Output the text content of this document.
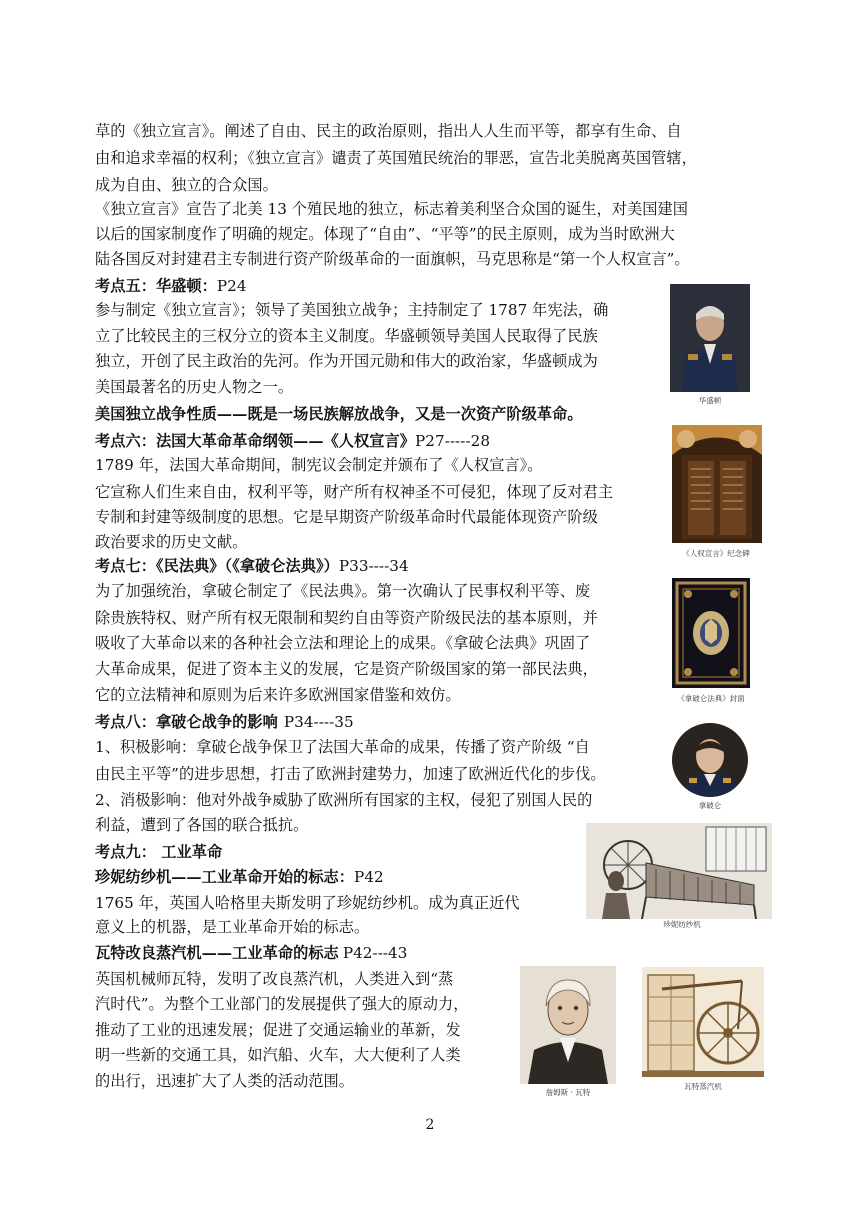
草的《独立宣言》。阐述了自由、民主的政治原则，指出人人生而平等，都享有生命、自
由和追求幸福的权利；《独立宣言》谴责了英国殖民统治的罪恶，宣告北美脱离英国管辖，
成为自由、独立的合众国。
《独立宣言》宣告了北美 13 个殖民地的独立，标志着美利坚合众国的诞生，对美国建国
以后的国家制度作了明确的规定。体现了“自由”、“平等”的民主原则，成为当时欧洲大
陆各国反对封建君主专制进行资产阶级革命的一面旗帜，马克思称是“第一个人权宣言”。
考点五：华盛顿：P24
参与制定《独立宣言》；领导了美国独立战争；主持制定了 1787 年宪法，确
立了比较民主的三权分立的资本主义制度。华盛顿领导美国人民取得了民族
独立，开创了民主政治的先河。作为开国元勋和伟大的政治家，华盛顿成为
美国最著名的历史人物之一。
美国独立战争性质——既是一场民族解放战争，又是一次资产阶级革命。
考点六：法国大革命革命纲领——《人权宣言》P27-----28
1789 年，法国大革命期间，制宪议会制定并颁布了《人权宣言》。
它宣称人们生来自由，权利平等，财产所有权神圣不可侵犯，体现了反对君主
专制和封建等级制度的思想。它是早期资产阶级革命时代最能体现资产阶级
政治要求的历史文献。
考点七：《民法典》（《拿破仑法典》）P33----34
为了加强统治，拿破仑制定了《民法典》。第一次确认了民事权利平等、废
除贵族特权、财产所有权无限制和契约自由等资产阶级民法的基本原则，并
吸收了大革命以来的各种社会立法和理论上的成果。《拿破仑法典》巩固了
大革命成果，促进了资本主义的发展，它是资产阶级国家的第一部民法典，
它的立法精神和原则为后来许多欧洲国家借鉴和效仿。
考点八：拿破仑战争的影响 P34----35
1、积极影响：拿破仑战争保卫了法国大革命的成果，传播了资产阶级 “自
由民主平等”的进步思想，打击了欧洲封建势力，加速了欧洲近代化的步伐。
2、消极影响：他对外战争威胁了欧洲所有国家的主权，侵犯了别国人民的
利益，遭到了各国的联合抵抗。
考点九： 工业革命
珍妮纺纱机——工业革命开始的标志：P42
1765 年，英国人哈格里夫斯发明了珍妮纺纱机。成为真正近代
意义上的机器，是工业革命开始的标志。
瓦特改良蒸汽机——工业革命的标志 P42---43
英国机械师瓦特，发明了改良蒸汽机，人类进入到“蒸
汽时代”。为整个工业部门的发展提供了强大的原动力，
推动了工业的迅速发展；促进了交通运输业的革新，发
明一些新的交通工具，如汽船、火车，大大便利了人类
的出行，迅速扩大了人类的活动范围。
华盛顿
《人权宣言》纪念碑
《拿破仑法典》封面
拿破仑
珍妮纺纱机
詹姆斯 · 瓦特
瓦特蒸汽机
2
